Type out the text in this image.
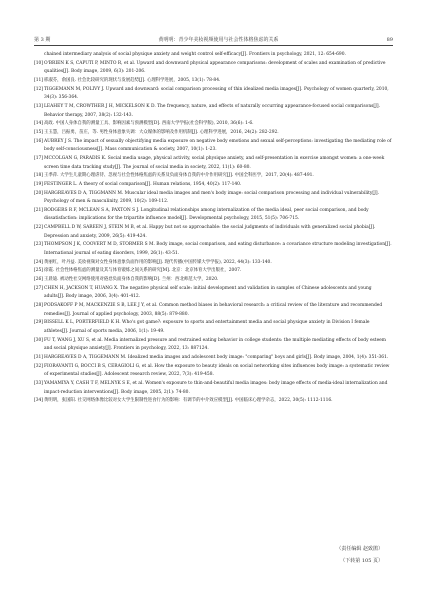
第 3 期	黄明明：青少年美妆视频使用与社会性体格焦虑的关系	89
chained intermediary analysis of social physique anxiety and weight control self-efficacy[J]. Frontiers in psychology, 2021, 12: 654-690.
[10] O'BRIEN K S, CAPUTI P, MINTO R, et al. Upward and downward physical appearance comparisons: development of scales and examination of predictive qualities[J]. Body image, 2009, 6(3): 201-206.
[11] 邢淑芬，俞国良. 社会比较研究的现状与发展趋势[J]. 心理科学进展，2005, 13(1): 78-84.
[12] TIGGEMANN M, POLIVY J. Upward and downward: social comparison processing of thin idealized media images[J]. Psychology of women quarterly, 2010, 34(3): 356-364.
[13] LEAHEY T M, CROWTHER J H, MICKELSON K D. The frequency, nature, and effects of naturally occurring appearance-focused social comparisons[J]. Behavior therapy, 2007, 38(2): 132-143.
[14] 高政. 中国人身体自我的测量工具、影响因素与预测模型[D]. 西南大学学报(社会科学版), 2010, 36(6): 1-6.
[15] 王玉慧，吕振勇，苗庄，等. 男性身体意象失调：大众媒体的影响及作用机制[J]. 心理科学进展，2016, 24(2): 282-292.
[16] AUBREY J S. The impact of sexually objectifying media exposure on negative body emotions and sexual self-perceptions: investigating the mediating role of body self-consciousness[J]. Mass communication & society, 2007, 10(1): 1-23.
[17] MCCOLGAN G, PARADIS K. Social media usage, physical activity, social physique anxiety, and self-presentation in exercise amongst women: a one-week screen time data tracking study[J]. The journal of social media in society, 2022, 11(1): 60-80.
[18] 王季萍. 大学生儿童期心理虐待、忽视与社会性体格焦虑的关系及负面身体自我的中介作用研究[J]. 中国全科医学，2017, 20(4): 487-491.
[19] FESTINGER L. A theory of social comparison[J]. Human relations, 1954, 40(2): 117-140.
[20] HARGREAVES D A, TIGGMANN M. Muscular ideal media images and men's body image: social comparison processing and individual vulnerability[J]. Psychology of men & masculinity, 2009, 10(2): 109-112.
[21] RODGERS R F, MCLEAN S A, PAXTON S J. Longitudinal relationships among internalization of the media ideal, peer social comparison, and body dissatisfaction: implications for the tripartite influence model[J]. Developmental psychology, 2015, 51(5): 706-715.
[22] CAMPBELL D W, SAREEN J, STEIN M B, et al. Happy but not so approachable: the social judgments of individuals with generalized social phobia[J]. Depression and anxiety, 2009, 26(5): 419-424.
[23] THOMPSON J K, COOVERT M D, STORMER S M. Body image, social comparison, and eating disturbance: a covariance structure modeling investigation[J]. International journal of eating disorders, 1999, 26(1): 43-51.
[24] 黄丽红，叶丹益. 美妆视频对女性身体意象负面作用的影响[J]. 现代传播(中国传媒大学学报), 2022, 44(3): 133-140.
[25] 徐霞. 社会性体格焦虑的测量及其与体育锻炼之间关系的研究[M]. 北京：北京体育大学出版社，2007.
[26] 王晨迪. 被动性社交网络使用对倦怠负面身体自我的影响[D]. 兰州：西北师范大学，2020.
[27] CHEN H, JACKSON T, HUANG X. The negative physical self scale: initial development and validation in samples of Chinese adolescents and young adults[J]. Body image, 2006, 3(4): 401-412.
[28] PODSAKOFF P M, MACKENZIE S B, LEE J Y, et al. Common method biases in behavioral research: a critical review of the literature and recommended remedies[J]. Journal of applied psychology, 2003, 88(5): 879-880.
[29] BISSELL K L, PORTERFIELD K H. Who's got game?: exposure to sports and entertainment media and social physique anxiety in Division I female athletes[J]. Journal of sports media, 2006, 1(1): 19-49.
[30] FU T, WANG J, XU S, et al. Media internalized pressure and restrained eating behavior in college students: the multiple mediating effects of body esteem and social physique anxiety[J]. Frontiers in psychology, 2022, 13: 887124.
[31] HARGREAVES D A, TIGGEMANN M. Idealized media images and adolescent body image: "comparing" boys and girls[J]. Body image, 2004, 1(4): 351-361.
[32] FIORAVANTI G, BOCCI B S, CERAGIOLI G, et al. How the exposure to beauty ideals on social networking sites influences body image: a systematic review of experimental studies[J]. Adolescent research review, 2022, 7(3): 419-458.
[33] YAMAMIYA Y, CASH T F, MELNYK S E, et al. Women's exposure to thin-and-beautiful media images: body image effects of media-ideal internalization and impact-reduction interventions[J]. Body image, 2005, 2(1): 74-80.
[34] 黄明明，张国阳. 社交网络体像比较对女大学生限制性进食行为的影响：有调节的中介效应模型[J]. 中国临床心理学杂志，2022, 30(5): 1112-1116.
（责任编辑 赵致鹃）
（下转第 105 页）
